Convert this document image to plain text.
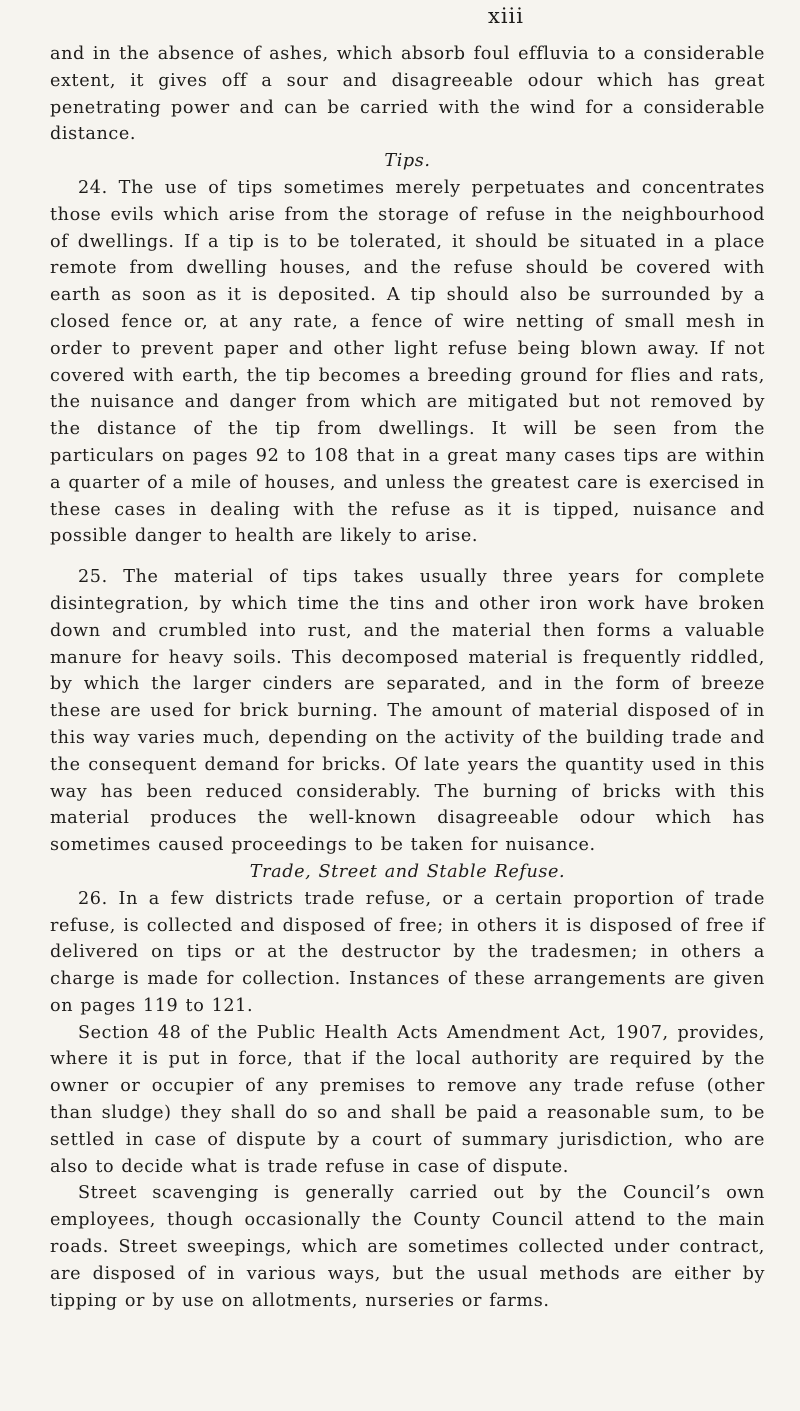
xiii

and in the absence of ashes, which absorb foul effluvia to a considerable extent, it gives off a sour and disagreeable odour which has great penetrating power and can be carried with the wind for a considerable distance.

Tips.

24. The use of tips sometimes merely perpetuates and concentrates those evils which arise from the storage of refuse in the neighbourhood of dwellings. If a tip is to be tolerated, it should be situated in a place remote from dwelling houses, and the refuse should be covered with earth as soon as it is deposited. A tip should also be surrounded by a closed fence or, at any rate, a fence of wire netting of small mesh in order to prevent paper and other light refuse being blown away. If not covered with earth, the tip becomes a breeding ground for flies and rats, the nuisance and danger from which are mitigated but not removed by the distance of the tip from dwellings. It will be seen from the particulars on pages 92 to 108 that in a great many cases tips are within a quarter of a mile of houses, and unless the greatest care is exercised in these cases in dealing with the refuse as it is tipped, nuisance and possible danger to health are likely to arise.

25. The material of tips takes usually three years for complete disintegration, by which time the tins and other iron work have broken down and crumbled into rust, and the material then forms a valuable manure for heavy soils. This decomposed material is frequently riddled, by which the larger cinders are separated, and in the form of breeze these are used for brick burning. The amount of material disposed of in this way varies much, depending on the activity of the building trade and the consequent demand for bricks. Of late years the quantity used in this way has been reduced considerably. The burning of bricks with this material produces the well-known disagreeable odour which has sometimes caused proceedings to be taken for nuisance.

Trade, Street and Stable Refuse.

26. In a few districts trade refuse, or a certain proportion of trade refuse, is collected and disposed of free; in others it is disposed of free if delivered on tips or at the destructor by the tradesmen; in others a charge is made for collection. Instances of these arrangements are given on pages 119 to 121.

Section 48 of the Public Health Acts Amendment Act, 1907, provides, where it is put in force, that if the local authority are required by the owner or occupier of any premises to remove any trade refuse (other than sludge) they shall do so and shall be paid a reasonable sum, to be settled in case of dispute by a court of summary jurisdiction, who are also to decide what is trade refuse in case of dispute.

Street scavenging is generally carried out by the Council’s own employees, though occasionally the County Council attend to the main roads. Street sweepings, which are sometimes collected under contract, are disposed of in various ways, but the usual methods are either by tipping or by use on allotments, nurseries or farms.
